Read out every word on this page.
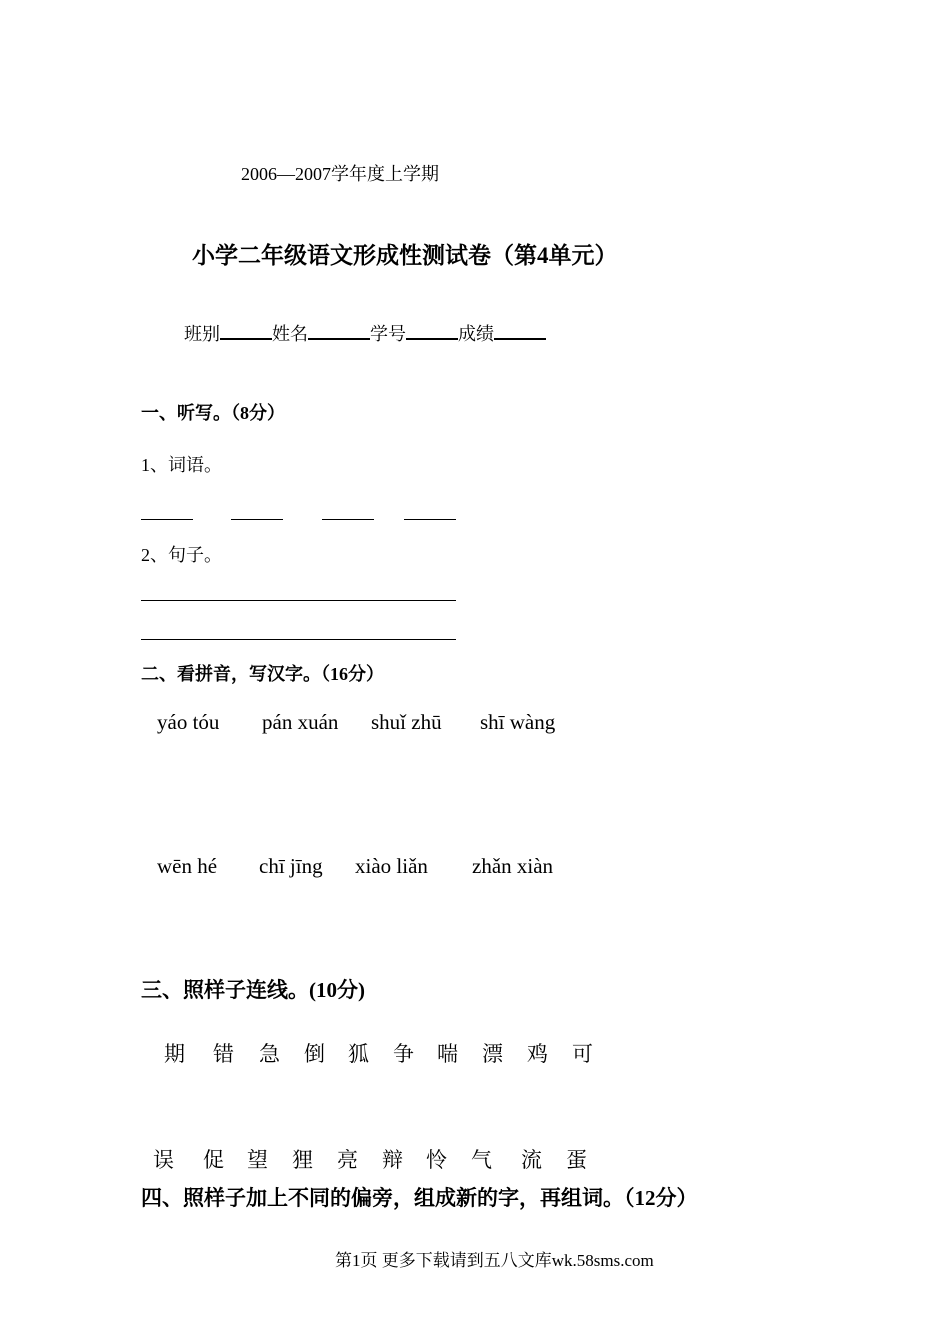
2006—2007学年度上学期
小学二年级语文形成性测试卷（第4单元）
班别	姓名	学号	成绩
一、听写。（8分）
1、词语。
2、句子。
二、看拼音，写汉字。（16分）
yáo tóu pán xuán shuǐ zhū shī wàng
wēn hé chī jīng xiào liǎn zhǎn xiàn
三、照样子连线。(10分)
期 错 急 倒 狐 争 喘 漂 鸡 可
误 促 望 狸 亮 辩 怜 气 流 蛋
四、照样子加上不同的偏旁，组成新的字，再组词。（12分）
第1页 更多下载请到五八文库wk.58sms.com
